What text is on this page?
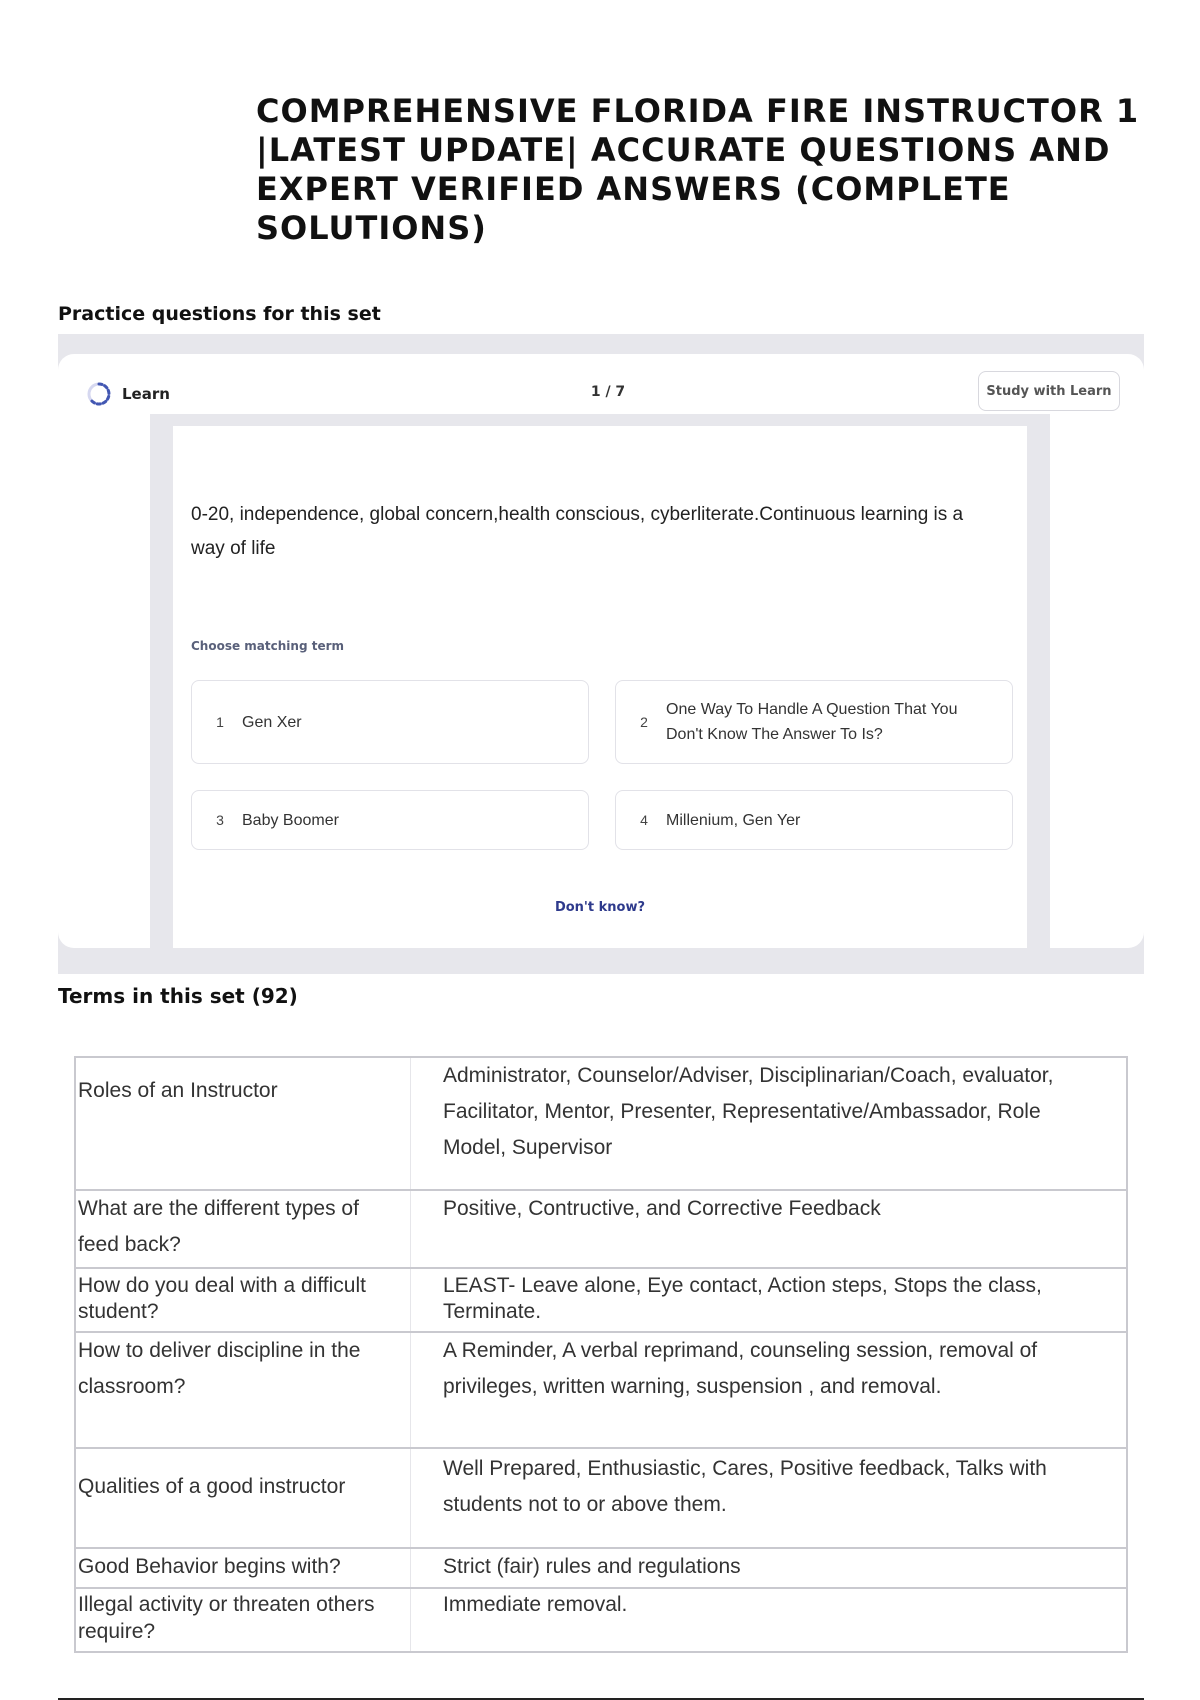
COMPREHENSIVE FLORIDA FIRE INSTRUCTOR 1
|LATEST UPDATE| ACCURATE QUESTIONS AND
EXPERT VERIFIED ANSWERS (COMPLETE
SOLUTIONS)
Practice questions for this set
Learn	1 / 7	Study with Learn
0-20, independence, global concern,health conscious, cyberliterate.Continuous learning is a way of life
Choose matching term
1	Gen Xer	2
One Way To Handle A Question That You Don't Know The Answer To Is?
3	Baby Boomer	4	Millenium, Gen Yer
Don't know?
Terms in this set (92)
Roles of an Instructor	Administrator, Counselor/Adviser, Disciplinarian/Coach, evaluator, Facilitator, Mentor, Presenter, Representative/Ambassador, Role Model, Supervisor
What are the different types of feed back?	Positive, Contructive, and Corrective Feedback
How do you deal with a difficult student?	LEAST- Leave alone, Eye contact, Action steps, Stops the class, Terminate.
How to deliver discipline in the classroom?	A Reminder, A verbal reprimand, counseling session, removal of privileges, written warning, suspension , and removal.
Qualities of a good instructor	Well Prepared, Enthusiastic, Cares, Positive feedback, Talks with students not to or above them.
Good Behavior begins with?	Strict (fair) rules and regulations
Illegal activity or threaten others require?	Immediate removal.
